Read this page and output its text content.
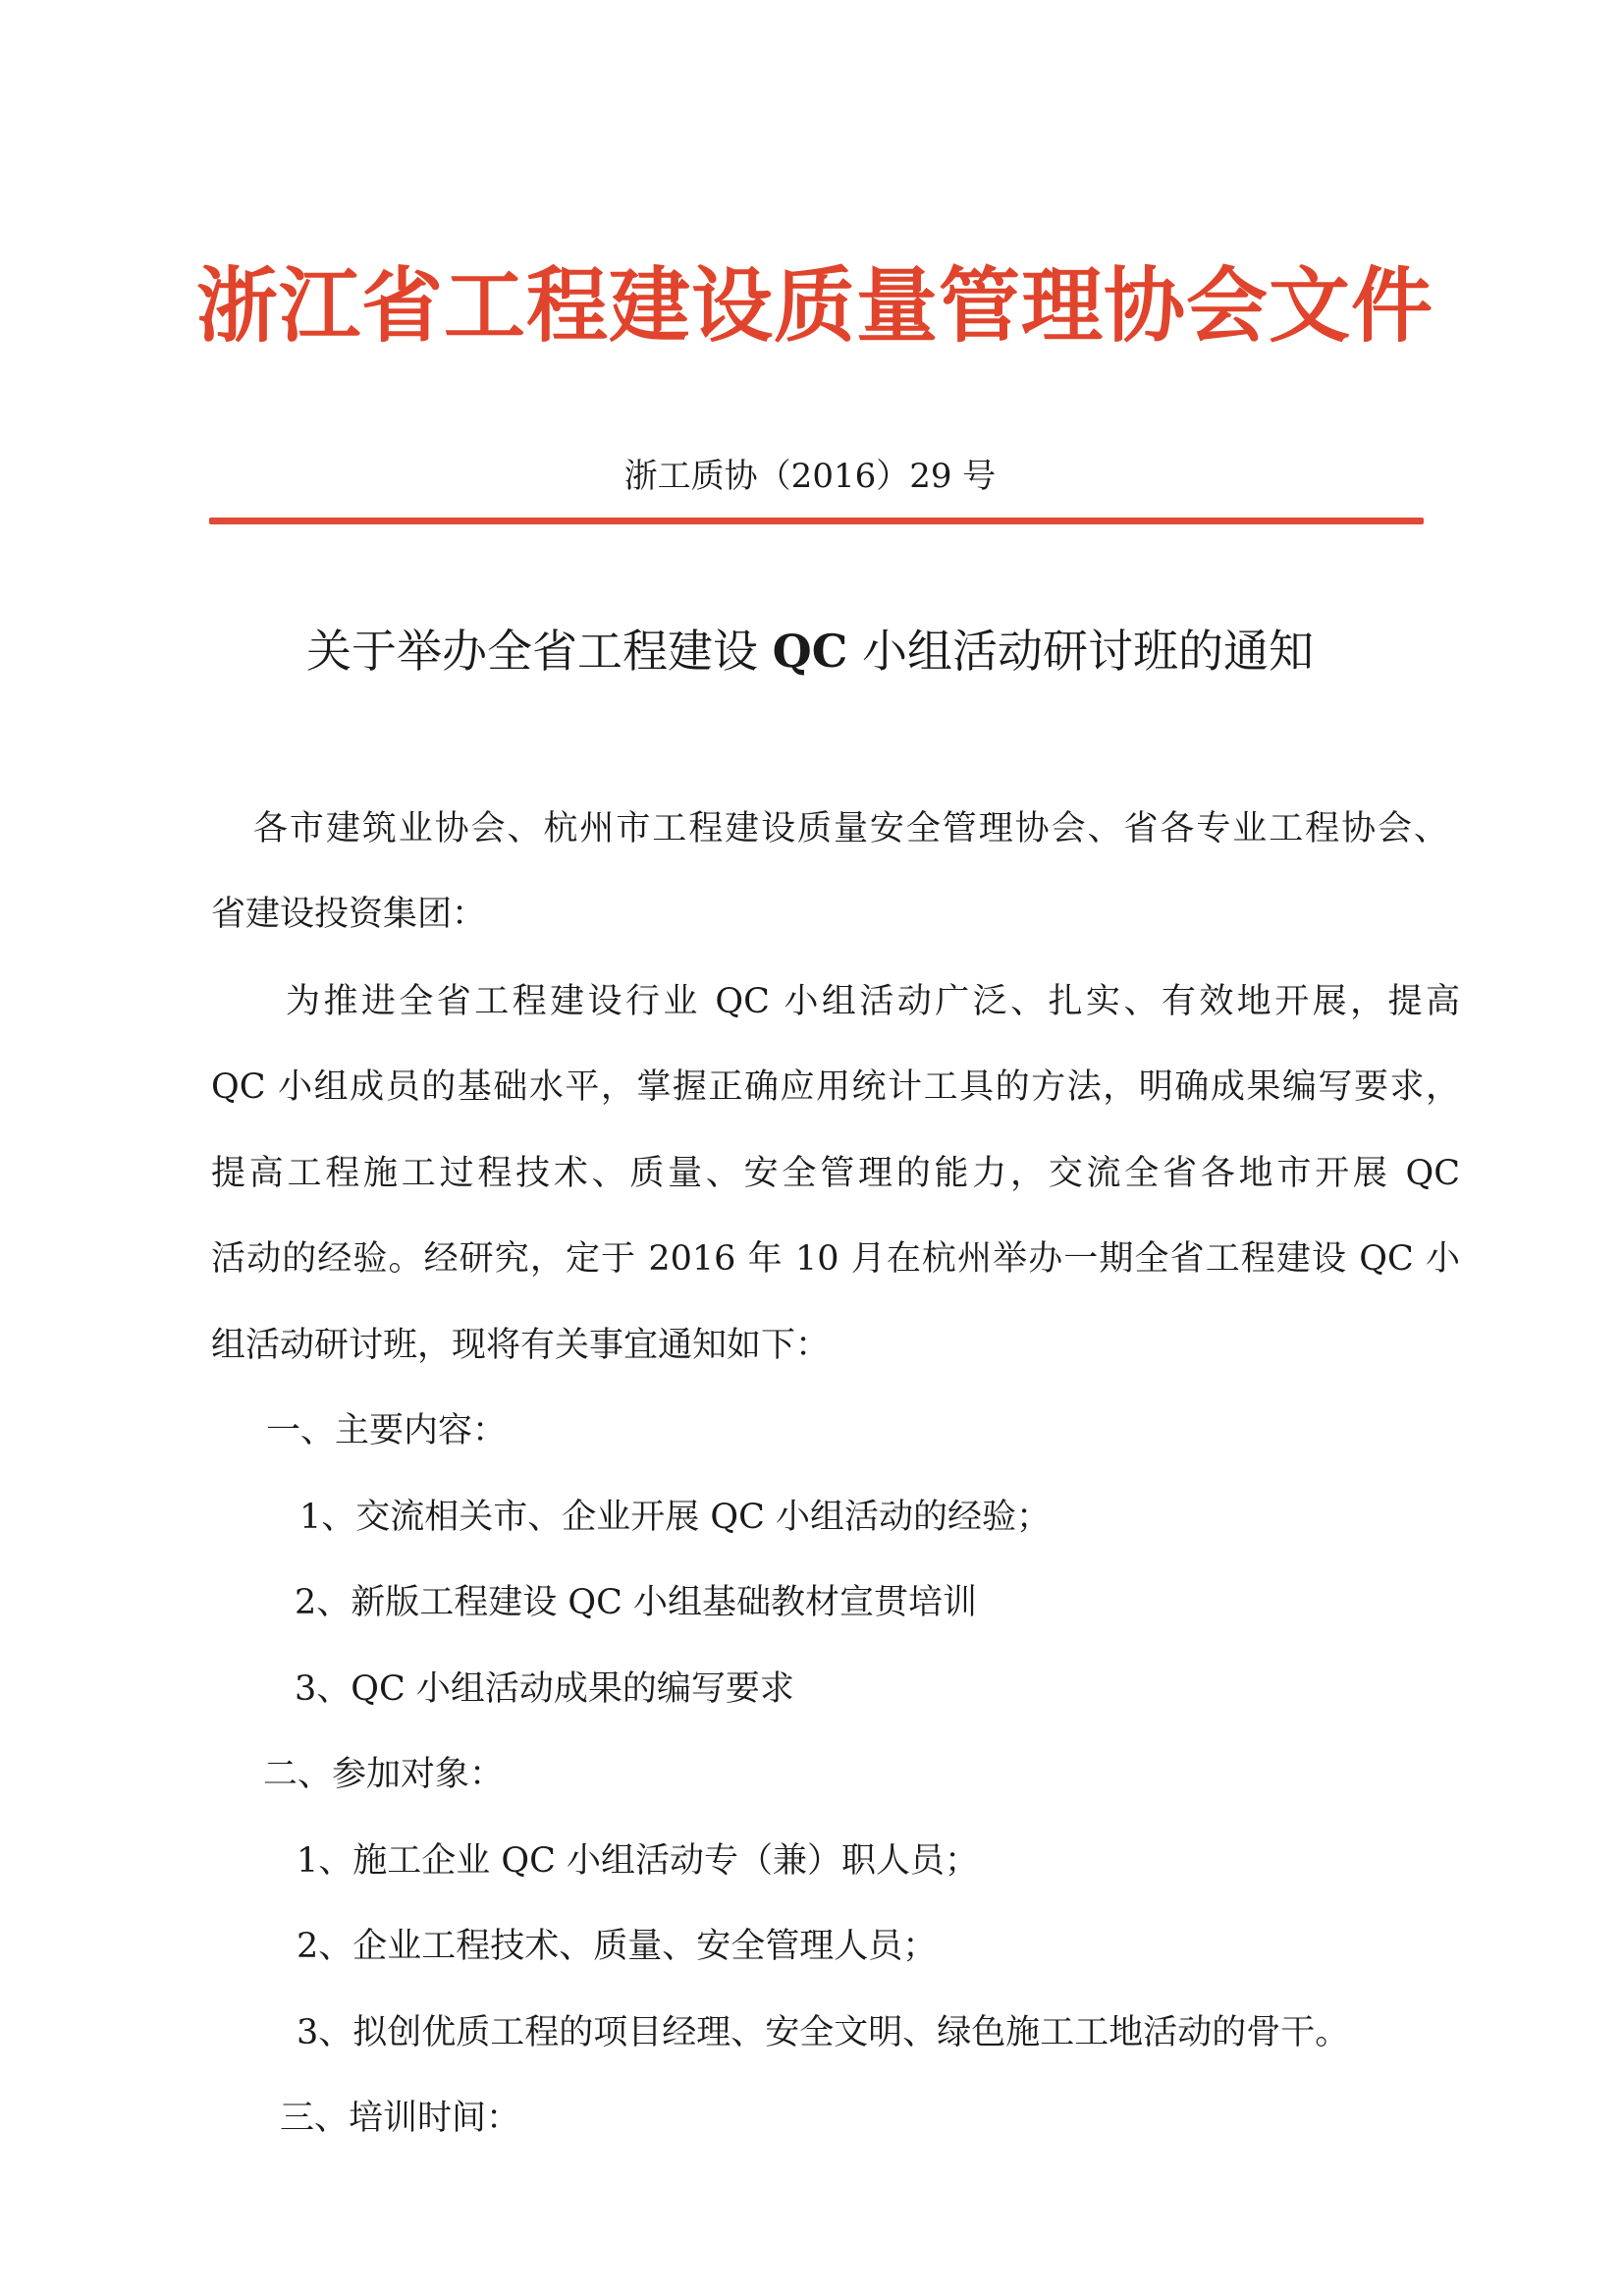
浙江省工程建设质量管理协会文件
浙工质协（2016）29 号
关于举办全省工程建设 QC 小组活动研讨班的通知
各市建筑业协会、杭州市工程建设质量安全管理协会、省各专业工程协会、
省建设投资集团：
为推进全省工程建设行业 QC 小组活动广泛、扎实、有效地开展，提高
QC 小组成员的基础水平，掌握正确应用统计工具的方法，明确成果编写要求，
提高工程施工过程技术、质量、安全管理的能力，交流全省各地市开展 QC
活动的经验。经研究，定于 2016 年 10 月在杭州举办一期全省工程建设 QC 小
组活动研讨班，现将有关事宜通知如下：
一、主要内容：
1、交流相关市、企业开展 QC 小组活动的经验；
2、新版工程建设 QC 小组基础教材宣贯培训
3、QC 小组活动成果的编写要求
二、参加对象：
1、施工企业 QC 小组活动专（兼）职人员；
2、企业工程技术、质量、安全管理人员；
3、拟创优质工程的项目经理、安全文明、绿色施工工地活动的骨干。
三、培训时间：
